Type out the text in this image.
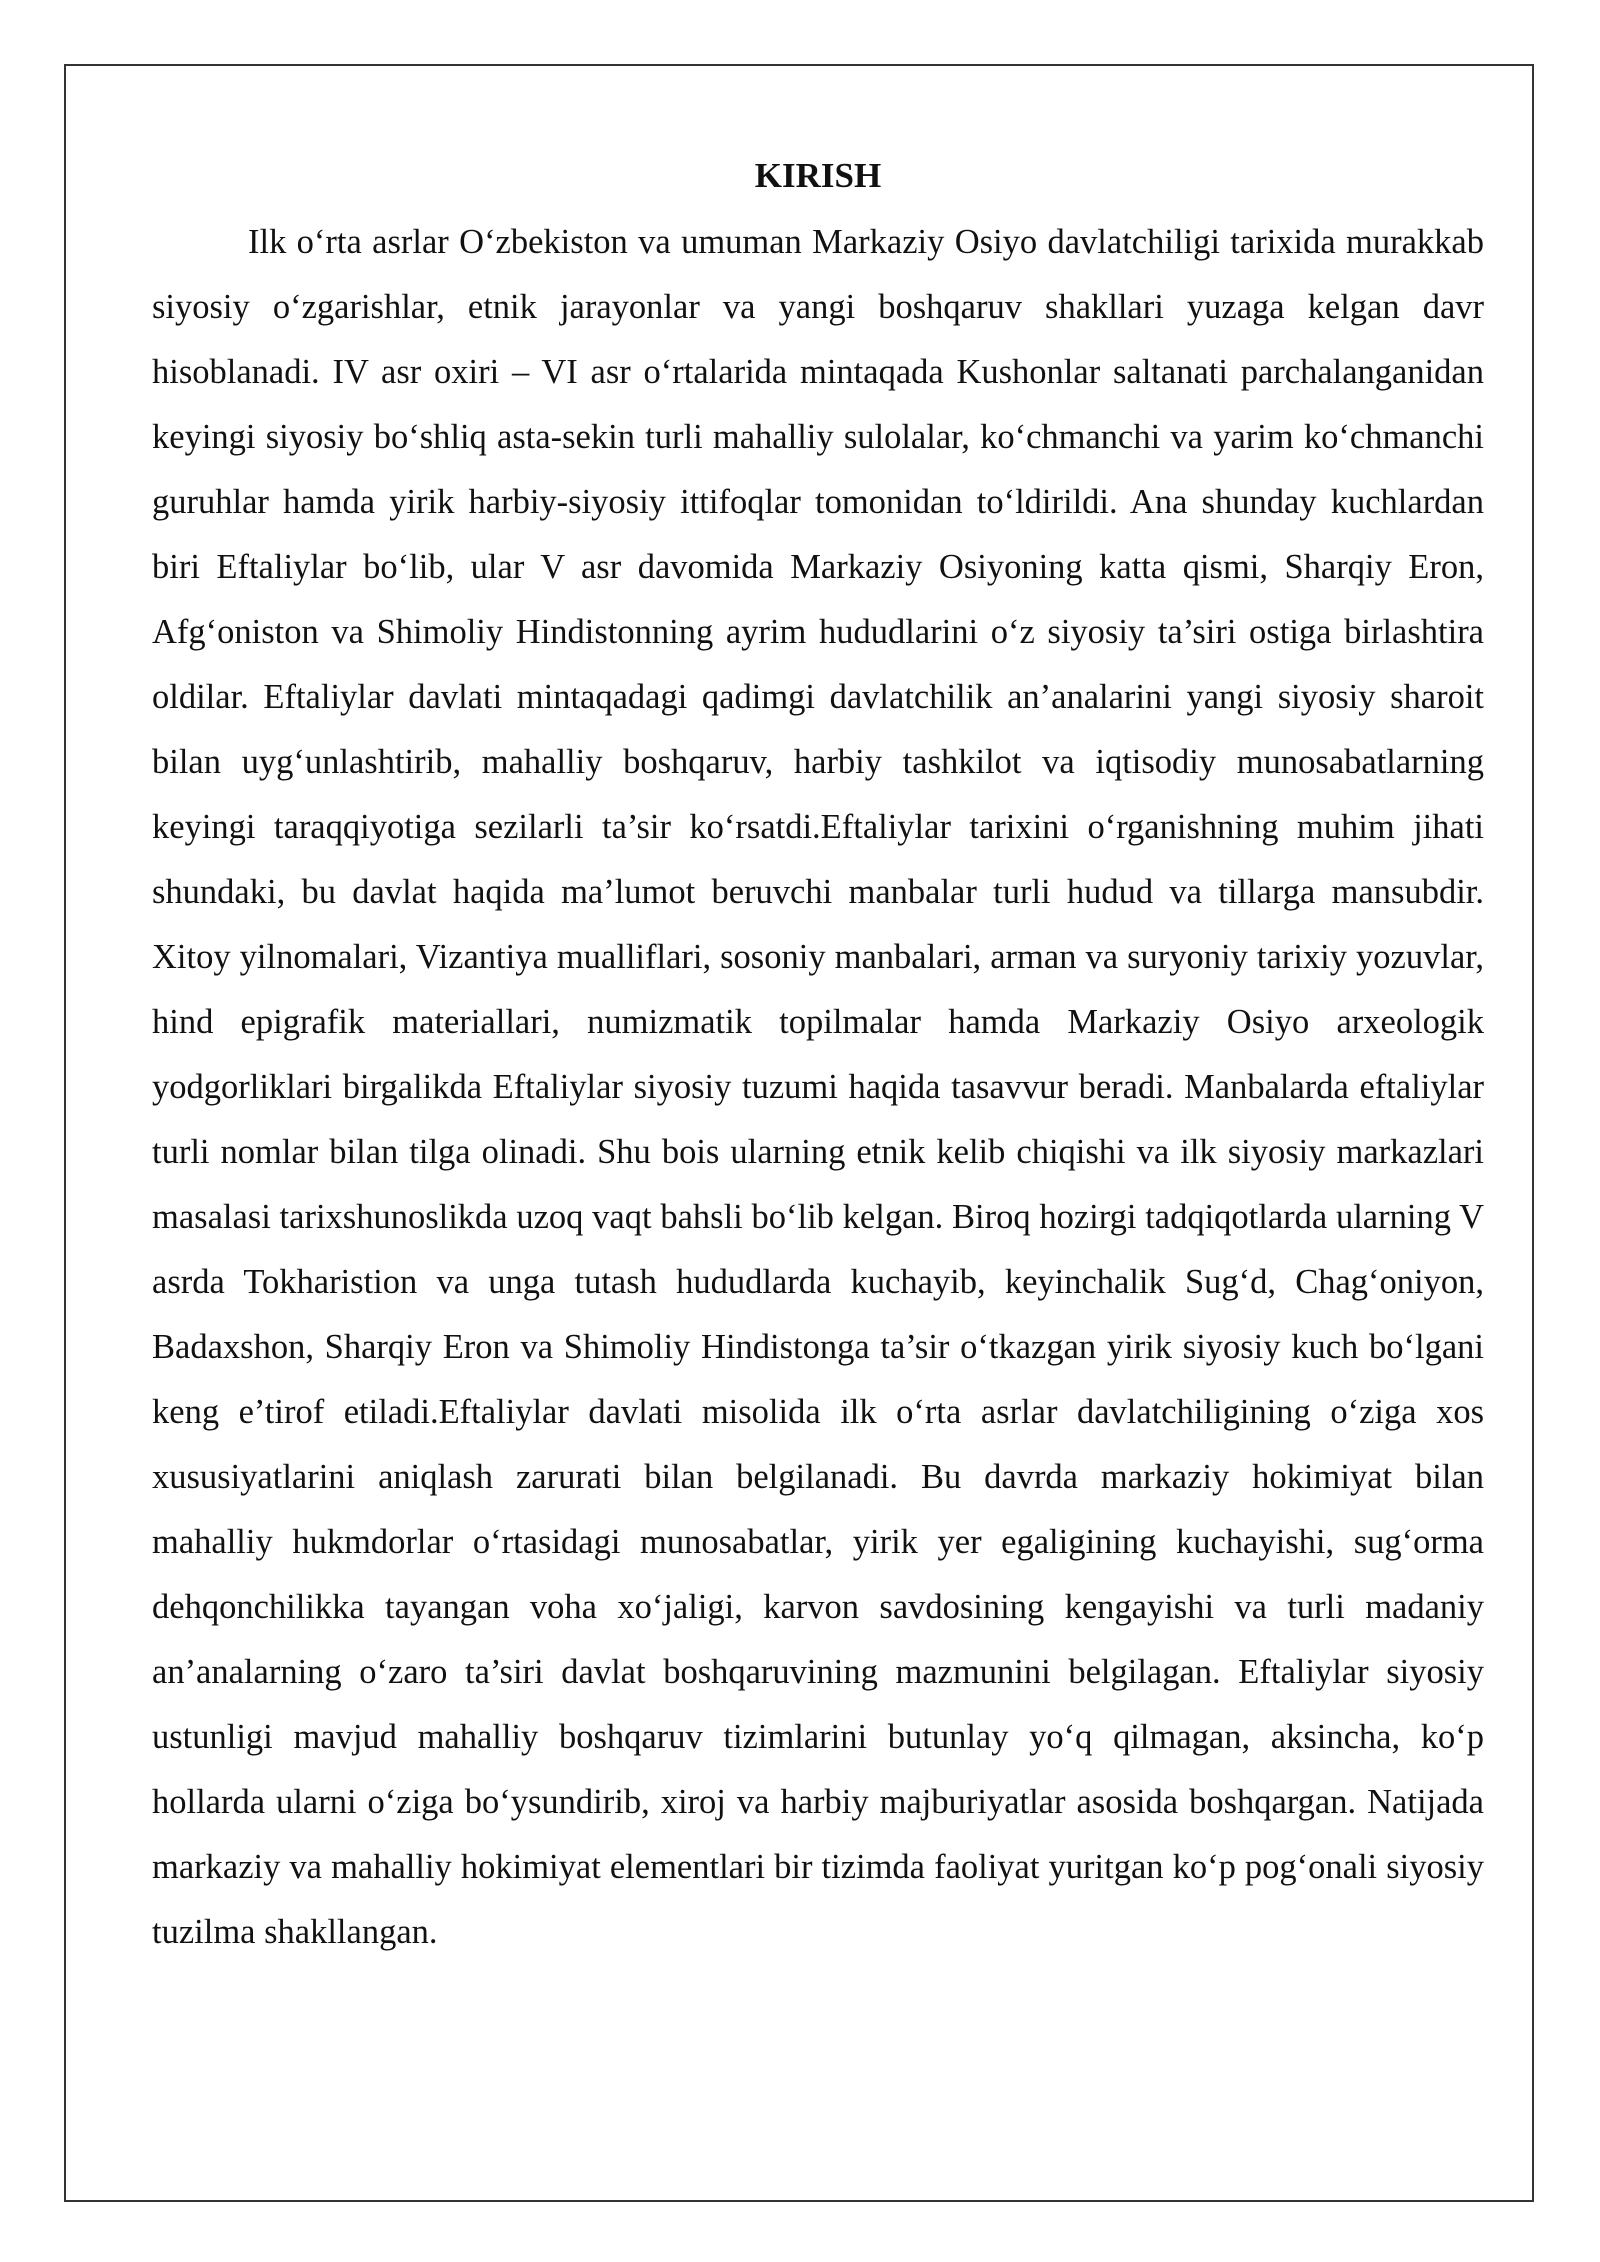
KIRISH

Ilk o‘rta asrlar O‘zbekiston va umuman Markaziy Osiyo davlatchiligi tarixida murakkab siyosiy o‘zgarishlar, etnik jarayonlar va yangi boshqaruv shakllari yuzaga kelgan davr hisoblanadi. IV asr oxiri – VI asr o‘rtalarida mintaqada Kushonlar saltanati parchalanganidan keyingi siyosiy bo‘shliq asta-sekin turli mahalliy sulolalar, ko‘chmanchi va yarim ko‘chmanchi guruhlar hamda yirik harbiy-siyosiy ittifoqlar tomonidan to‘ldirildi. Ana shunday kuchlardan biri Eftaliylar bo‘lib, ular V asr davomida Markaziy Osiyoning katta qismi, Sharqiy Eron, Afg‘oniston va Shimoliy Hindistonning ayrim hududlarini o‘z siyosiy ta’siri ostiga birlashtira oldilar. Eftaliylar davlati mintaqadagi qadimgi davlatchilik an’analarini yangi siyosiy sharoit bilan uyg‘unlashtirib, mahalliy boshqaruv, harbiy tashkilot va iqtisodiy munosabatlarning keyingi taraqqiyotiga sezilarli ta’sir ko‘rsatdi.Eftaliylar tarixini o‘rganishning muhim jihati shundaki, bu davlat haqida ma’lumot beruvchi manbalar turli hudud va tillarga mansubdir. Xitoy yilnomalari, Vizantiya mualliflari, sosoniy manbalari, arman va suryoniy tarixiy yozuvlar, hind epigrafik materiallari, numizmatik topilmalar hamda Markaziy Osiyo arxeologik yodgorliklari birgalikda Eftaliylar siyosiy tuzumi haqida tasavvur beradi. Manbalarda eftaliylar turli nomlar bilan tilga olinadi. Shu bois ularning etnik kelib chiqishi va ilk siyosiy markazlari masalasi tarixshunoslikda uzoq vaqt bahsli bo‘lib kelgan. Biroq hozirgi tadqiqotlarda ularning V asrda Tokharistion va unga tutash hududlarda kuchayib, keyinchalik Sug‘d, Chag‘oniyon, Badaxshon, Sharqiy Eron va Shimoliy Hindistonga ta’sir o‘tkazgan yirik siyosiy kuch bo‘lgani keng e’tirof etiladi.Eftaliylar davlati misolida ilk o‘rta asrlar davlatchiligining o‘ziga xos xususiyatlarini aniqlash zarurati bilan belgilanadi. Bu davrda markaziy hokimiyat bilan mahalliy hukmdorlar o‘rtasidagi munosabatlar, yirik yer egaligining kuchayishi, sug‘orma dehqonchilikka tayangan voha xo‘jaligi, karvon savdosining kengayishi va turli madaniy an’analarning o‘zaro ta’siri davlat boshqaruvining mazmunini belgilagan. Eftaliylar siyosiy ustunligi mavjud mahalliy boshqaruv tizimlarini butunlay yo‘q qilmagan, aksincha, ko‘p hollarda ularni o‘ziga bo‘ysundirib, xiroj va harbiy majburiyatlar asosida boshqargan. Natijada markaziy va mahalliy hokimiyat elementlari bir tizimda faoliyat yuritgan ko‘p pog‘onali siyosiy tuzilma shakllangan.
